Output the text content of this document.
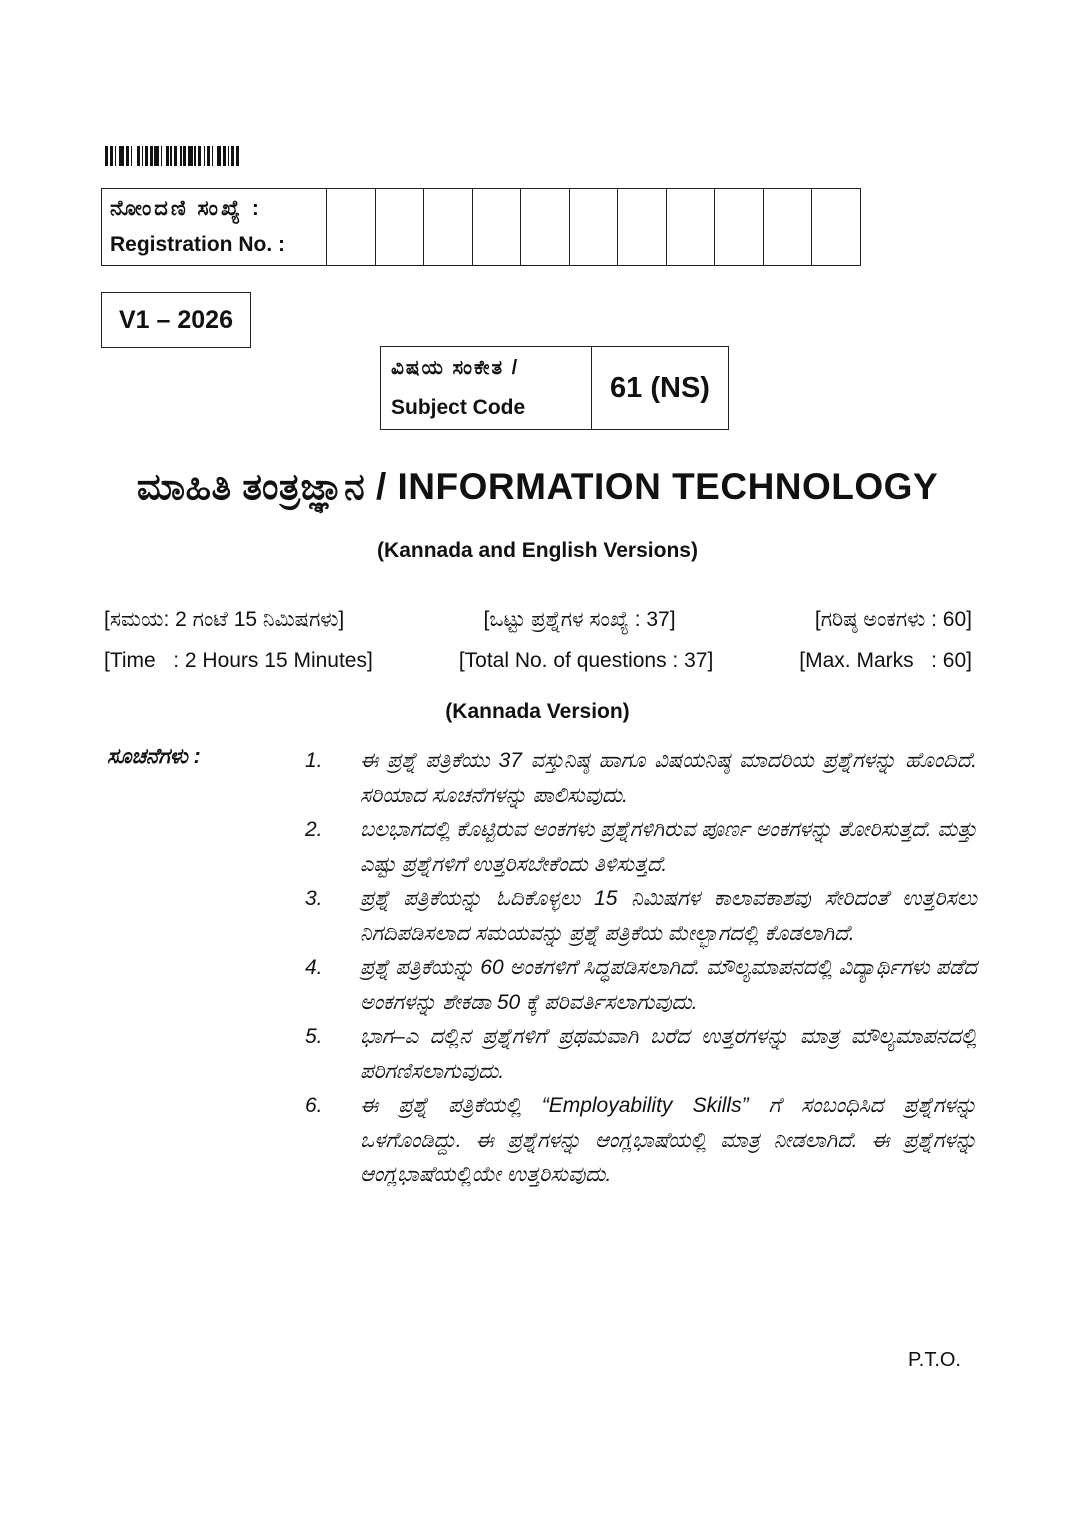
ನೋಂದಣಿ ಸಂಖ್ಯೆ :
Registration No. :

V1 – 2026
ವಿಷಯ ಸಂಕೇತ /
Subject Code
	61 (NS)
ಮಾಹಿತಿ ತಂತ್ರಜ್ಞಾನ / INFORMATION TECHNOLOGY
(Kannada and English Versions)
[ಸಮಯ: 2 ಗಂಟೆ 15 ನಿಮಿಷಗಳು]	[ಒಟ್ಟು ಪ್ರಶ್ನೆಗಳ ಸಂಖ್ಯೆ : 37]	[ಗರಿಷ್ಠ ಅಂಕಗಳು : 60]
[Time   : 2 Hours 15 Minutes]	[Total No. of questions : 37]	[Max. Marks   : 60]
(Kannada Version)
ಸೂಚನೆಗಳು :	1.	ಈ ಪ್ರಶ್ನೆ ಪತ್ರಿಕೆಯು 37 ವಸ್ತುನಿಷ್ಠ ಹಾಗೂ ವಿಷಯನಿಷ್ಠ ಮಾದರಿಯ ಪ್ರಶ್ನೆಗಳನ್ನು ಹೊಂದಿದೆ. ಸರಿಯಾದ ಸೂಚನೆಗಳನ್ನು ಪಾಲಿಸುವುದು.
2.	ಬಲಭಾಗದಲ್ಲಿ ಕೊಟ್ಟಿರುವ ಅಂಕಗಳು ಪ್ರಶ್ನೆಗಳಿಗಿರುವ ಪೂರ್ಣ ಅಂಕಗಳನ್ನು ತೋರಿಸುತ್ತದೆ. ಮತ್ತು ಎಷ್ಟು ಪ್ರಶ್ನೆಗಳಿಗೆ ಉತ್ತರಿಸಬೇಕೆಂದು ತಿಳಿಸುತ್ತದೆ.
3.	ಪ್ರಶ್ನೆ ಪತ್ರಿಕೆಯನ್ನು ಓದಿಕೊಳ್ಳಲು 15 ನಿಮಿಷಗಳ ಕಾಲಾವಕಾಶವು ಸೇರಿದಂತೆ ಉತ್ತರಿಸಲು ನಿಗದಿಪಡಿಸಲಾದ ಸಮಯವನ್ನು ಪ್ರಶ್ನೆ ಪತ್ರಿಕೆಯ ಮೇಲ್ಭಾಗದಲ್ಲಿ ಕೊಡಲಾಗಿದೆ.
4.	ಪ್ರಶ್ನೆ ಪತ್ರಿಕೆಯನ್ನು 60 ಅಂಕಗಳಿಗೆ ಸಿದ್ಧಪಡಿಸಲಾಗಿದೆ. ಮೌಲ್ಯಮಾಪನದಲ್ಲಿ ವಿದ್ಯಾರ್ಥಿಗಳು ಪಡೆದ ಅಂಕಗಳನ್ನು ಶೇಕಡಾ 50 ಕ್ಕೆ ಪರಿವರ್ತಿಸಲಾಗುವುದು.
5.	ಭಾಗ–ಎ ದಲ್ಲಿನ ಪ್ರಶ್ನೆಗಳಿಗೆ ಪ್ರಥಮವಾಗಿ ಬರೆದ ಉತ್ತರಗಳನ್ನು ಮಾತ್ರ ಮೌಲ್ಯಮಾಪನದಲ್ಲಿ ಪರಿಗಣಿಸಲಾಗುವುದು.
6.	ಈ ಪ್ರಶ್ನೆ ಪತ್ರಿಕೆಯಲ್ಲಿ “Employability Skills” ಗೆ ಸಂಬಂಧಿಸಿದ ಪ್ರಶ್ನೆಗಳನ್ನು ಒಳಗೊಂಡಿದ್ದು. ಈ ಪ್ರಶ್ನೆಗಳನ್ನು ಆಂಗ್ಲಭಾಷೆಯಲ್ಲಿ ಮಾತ್ರ ನೀಡಲಾಗಿದೆ. ಈ ಪ್ರಶ್ನೆಗಳನ್ನು ಆಂಗ್ಲಭಾಷೆಯಲ್ಲಿಯೇ ಉತ್ತರಿಸುವುದು.
P.T.O.
